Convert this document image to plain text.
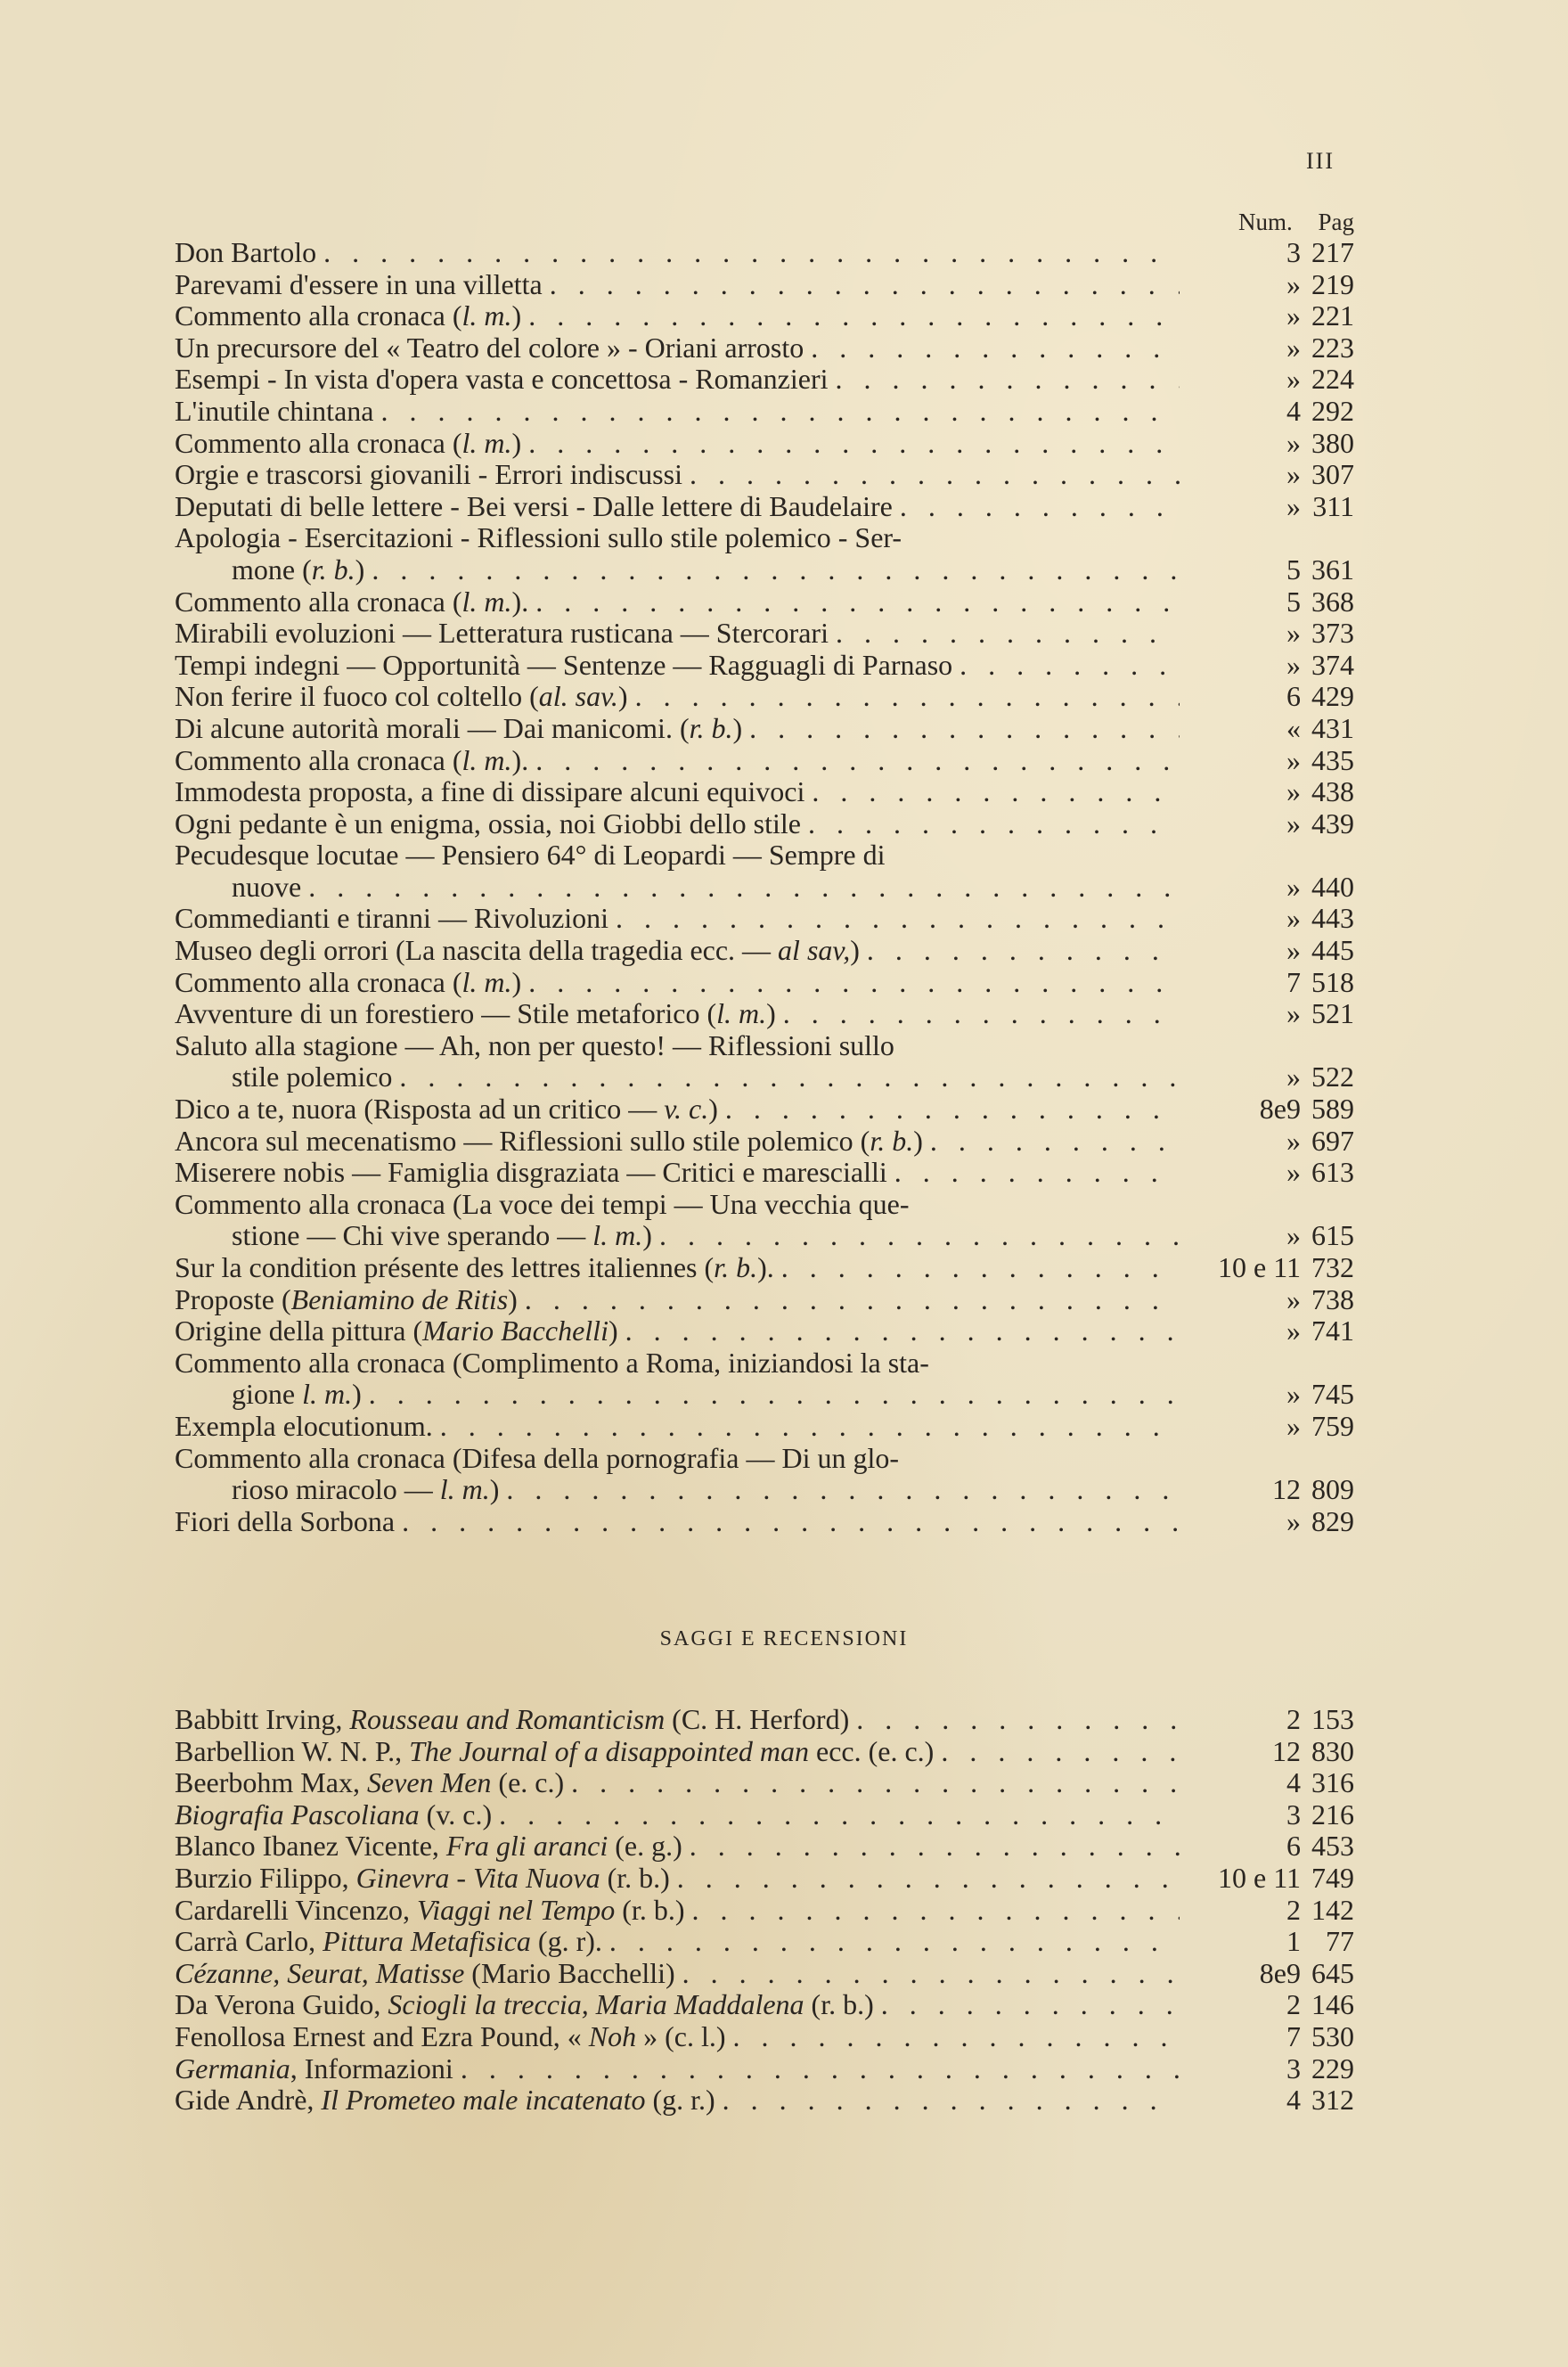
III
Num. Pag
Don Bartolo . . .	3 217
Parevami d'essere in una villetta . . .	» 219
Commento alla cronaca (l. m.) . . .	» 221
Un precursore del « Teatro del colore » - Oriani arrosto . . .	» 223
Esempi - In vista d'opera vasta e concettosa - Romanzieri . . .	» 224
L'inutile chintana . . .	4 292
Commento alla cronaca (l. m.) . . .	» 380
Orgie e trascorsi giovanili - Errori indiscussi . . .	» 307
Deputati di belle lettere - Bei versi - Dalle lettere di Baudelaire . . .	» 311
Apologia - Esercitazioni - Riflessioni sullo stile polemico - Ser-
mone (r. b.) . . .	5 361
Commento alla cronaca (l. m.). . . .	5 368
Mirabili evoluzioni — Letteratura rusticana — Stercorari . . .	» 373
Tempi indegni — Opportunità — Sentenze — Ragguagli di Parnaso . . .	» 374
Non ferire il fuoco col coltello (al. sav.) . . .	6 429
Di alcune autorità morali — Dai manicomi. (r. b.) . . .	« 431
Commento alla cronaca (l. m.). . . .	» 435
Immodesta proposta, a fine di dissipare alcuni equivoci . . .	» 438
Ogni pedante è un enigma, ossia, noi Giobbi dello stile . . .	» 439
Pecudesque locutae — Pensiero 64° di Leopardi — Sempre di
nuove . . .	» 440
Commedianti e tiranni — Rivoluzioni . . .	» 443
Museo degli orrori (La nascita della tragedia ecc. — al sav,) . . .	» 445
Commento alla cronaca (l. m.) . . .	7 518
Avventure di un forestiero — Stile metaforico (l. m.) . . .	» 521
Saluto alla stagione — Ah, non per questo! — Riflessioni sullo
stile polemico . . .	» 522
Dico a te, nuora (Risposta ad un critico — v. c.) . . .	8e9 589
Ancora sul mecenatismo — Riflessioni sullo stile polemico (r. b.) . . .	» 697
Miserere nobis — Famiglia disgraziata — Critici e marescialli . . .	» 613
Commento alla cronaca (La voce dei tempi — Una vecchia que-
stione — Chi vive sperando — l. m.) . . .	» 615
Sur la condition présente des lettres italiennes (r. b.). . . .	10 e 11 732
Proposte (Beniamino de Ritis) . . .	» 738
Origine della pittura (Mario Bacchelli) . . .	» 741
Commento alla cronaca (Complimento a Roma, iniziandosi la sta-
gione l. m.) . . .	» 745
Exempla elocutionum. . . .	» 759
Commento alla cronaca (Difesa della pornografia — Di un glo-
rioso miracolo — l. m.) . . .	12 809
Fiori della Sorbona . . .	» 829
SAGGI E RECENSIONI
Babbitt Irving, Rousseau and Romanticism (C. H. Herford) . . .	2 153
Barbellion W. N. P., The Journal of a disappointed man ecc. (e. c.) . . .	12 830
Beerbohm Max, Seven Men (e. c.) . . .	4 316
Biografia Pascoliana (v. c.) . . .	3 216
Blanco Ibanez Vicente, Fra gli aranci (e. g.) . . .	6 453
Burzio Filippo, Ginevra - Vita Nuova (r. b.) . . .	10 e 11 749
Cardarelli Vincenzo, Viaggi nel Tempo (r. b.) . . .	2 142
Carrà Carlo, Pittura Metafisica (g. r). . . .	1 77
Cézanne, Seurat, Matisse (Mario Bacchelli) . . .	8e9 645
Da Verona Guido, Sciogli la treccia, Maria Maddalena (r. b.) . . .	2 146
Fenollosa Ernest and Ezra Pound, « Noh » (c. l.) . . .	7 530
Germania, Informazioni . . .	3 229
Gide Andrè, Il Prometeo male incatenato (g. r.) . . .	4 312
